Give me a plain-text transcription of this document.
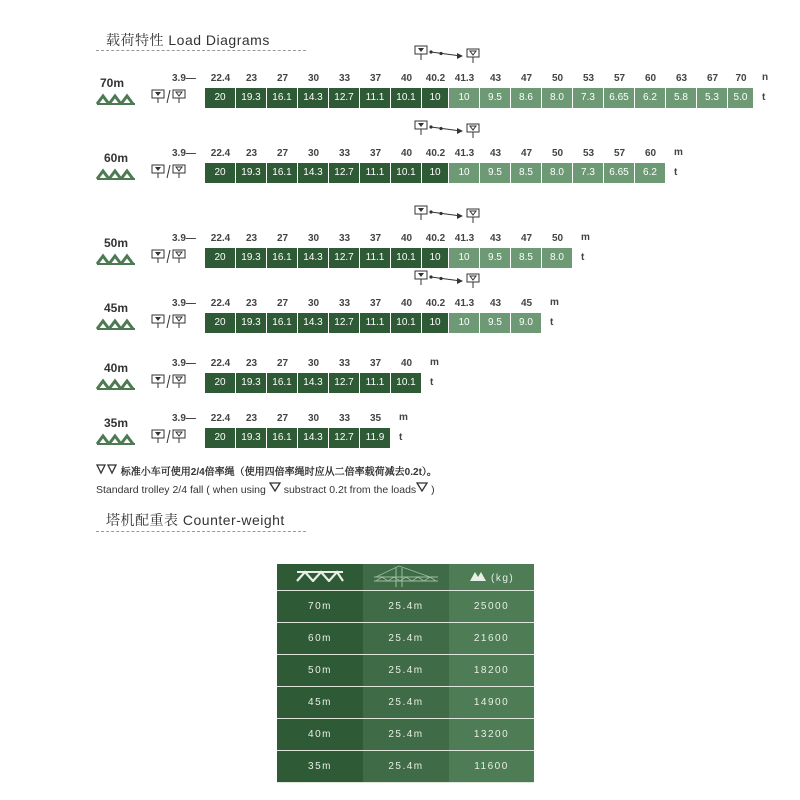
载荷特性 Load Diagrams
70m	3.9— 22.4 23 27 30 33 37 40 40.2 41.3 43 47 50 53 57 60 63 67 70 n
20	19.3	16.1	14.3	12.7	11.1	10.1	10	10	9.5	8.6	8.0	7.3	6.65	6.2	5.8	5.3	5.0	t
60m	3.9— 22.4 23 27 30 33 37 40 40.2 41.3 43 47 50 53 57 60 m
20	19.3	16.1	14.3	12.7	11.1	10.1	10	10	9.5	8.5	8.0	7.3	6.65	6.2	t
50m	3.9— 22.4 23 27 30 33 37 40 40.2 41.3 43 47 50 m
20	19.3	16.1	14.3	12.7	11.1	10.1	10	10	9.5	8.5	8.0	t
45m	3.9— 22.4 23 27 30 33 37 40 40.2 41.3 43 45 m
20	19.3	16.1	14.3	12.7	11.1	10.1	10	10	9.5	9.0	t
40m	3.9— 22.4 23 27 30 33 37 40 m
20	19.3	16.1	14.3	12.7	11.1	10.1	t
35m	3.9— 22.4 23 27 30 33 35 m
20	19.3	16.1	14.3	12.7	11.9	t
标准小车可使用2/4倍率绳（使用四倍率绳时应从二倍率载荷减去0.2t）。
Standard trolley 2/4 fall ( when using substract 0.2t from the loads )
塔机配重表 Counter-weight
		(kg)
70m	25.4m	25000
60m	25.4m	21600
50m	25.4m	18200
45m	25.4m	14900
40m	25.4m	13200
35m	25.4m	11600
